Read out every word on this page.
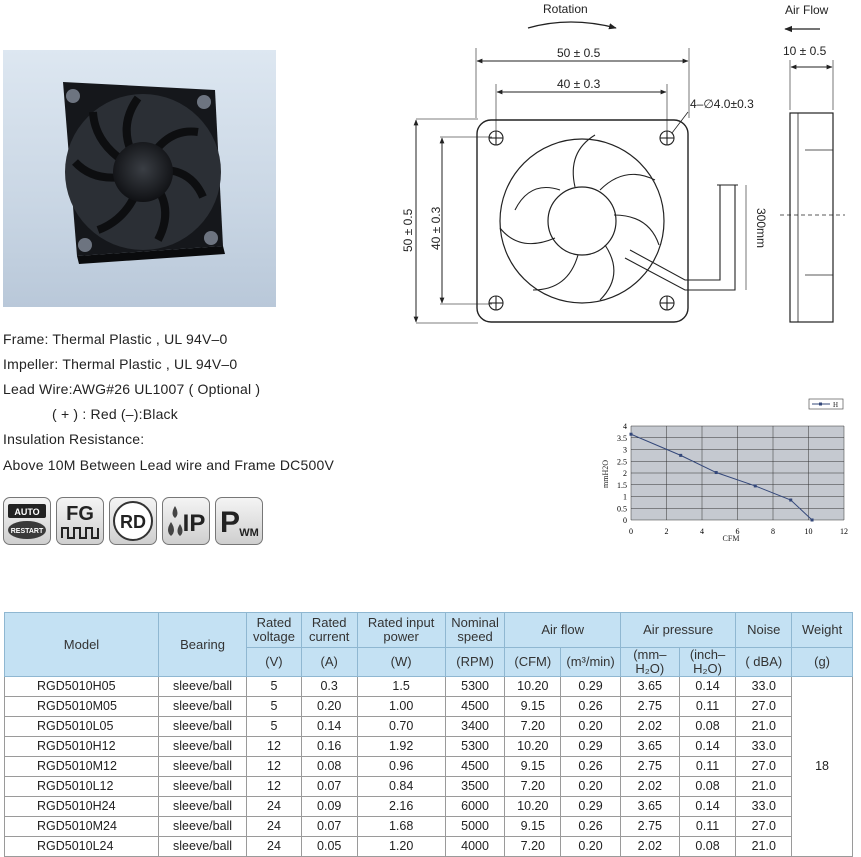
Frame: Thermal Plastic , UL 94V–0
Impeller: Thermal Plastic , UL 94V–0
Lead Wire:AWG#26 UL1007 ( Optional )
( + ) : Red (–):Black
Insulation Resistance:
Above 10M Between Lead wire and Frame DC500V
AUTO
RESTART
FG RD IP P WM
Rotation	Air Flow
50 ± 0.5
40 ± 0.3
50 ± 0.5 40 ± 0.3
4–∅4.0±0.3
300mm
10 ± 0.5
0
0.5
1
1.5
2
2.5
3
3.5
4
0	2	4	6	8	10	12
mmH2O
CFM
H
Model	Bearing	Rated voltage	Rated current	Rated input power	Nominal speed	Air flow		Air pressure		Noise	Weight
		(V)	(A)	(W)	(RPM)	(CFM)	(m³/min)	(mm–H₂O)	(inch–H₂O)	( dBA)	(g)
RGD5010H05	sleeve/ball	5	0.3	1.5	5300	10.20	0.29	3.65	0.14	33.0	18
RGD5010M05	sleeve/ball	5	0.20	1.00	4500	9.15	0.26	2.75	0.11	27.0	
RGD5010L05	sleeve/ball	5	0.14	0.70	3400	7.20	0.20	2.02	0.08	21.0	
RGD5010H12	sleeve/ball	12	0.16	1.92	5300	10.20	0.29	3.65	0.14	33.0	
RGD5010M12	sleeve/ball	12	0.08	0.96	4500	9.15	0.26	2.75	0.11	27.0	
RGD5010L12	sleeve/ball	12	0.07	0.84	3500	7.20	0.20	2.02	0.08	21.0	
RGD5010H24	sleeve/ball	24	0.09	2.16	6000	10.20	0.29	3.65	0.14	33.0	
RGD5010M24	sleeve/ball	24	0.07	1.68	5000	9.15	0.26	2.75	0.11	27.0	
RGD5010L24	sleeve/ball	24	0.05	1.20	4000	7.20	0.20	2.02	0.08	21.0	
